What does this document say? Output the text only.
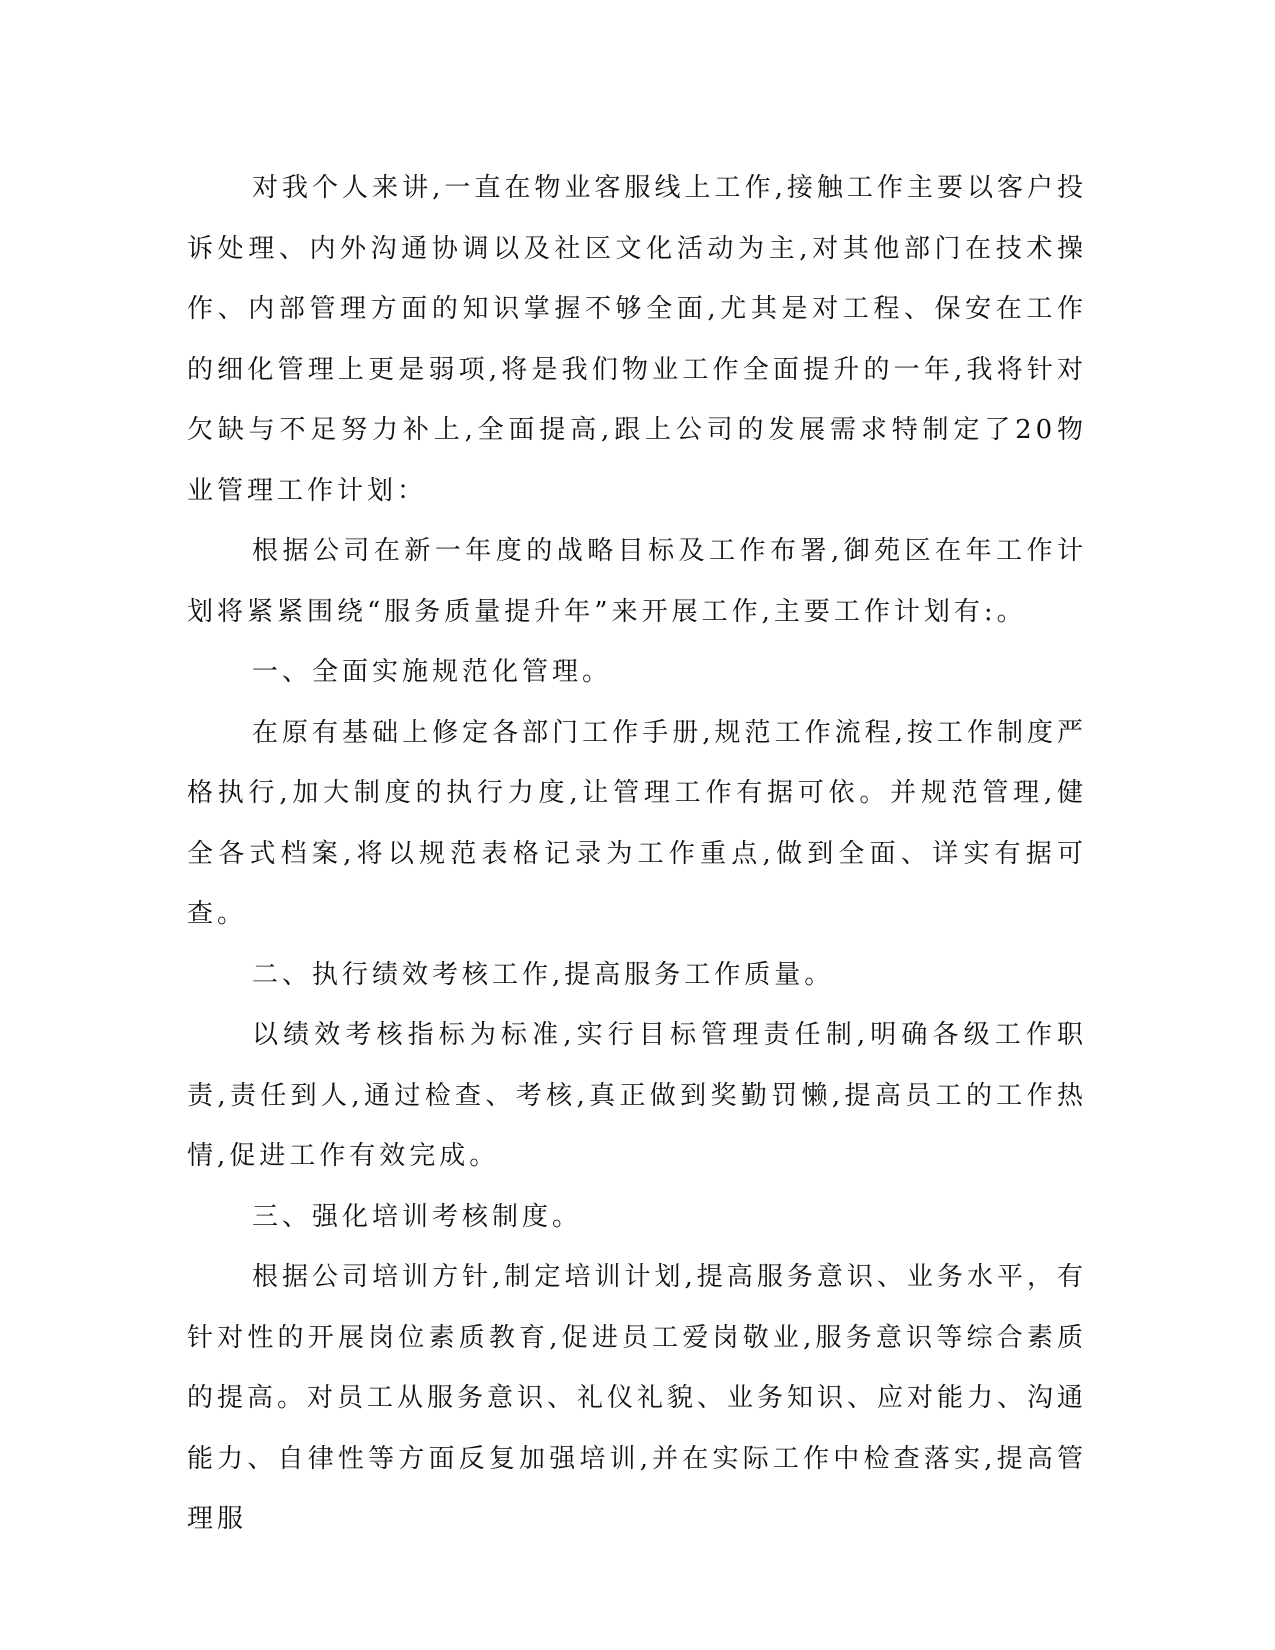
对我个人来讲,一直在物业客服线上工作,接触工作主要以客户投诉处理、内外沟通协调以及社区文化活动为主,对其他部门在技术操作、内部管理方面的知识掌握不够全面,尤其是对工程、保安在工作的细化管理上更是弱项,将是我们物业工作全面提升的一年,我将针对欠缺与不足努力补上,全面提高,跟上公司的发展需求特制定了20物业管理工作计划：

根据公司在新一年度的战略目标及工作布署,御苑区在年工作计划将紧紧围绕“服务质量提升年”来开展工作,主要工作计划有:。

一、全面实施规范化管理。

在原有基础上修定各部门工作手册,规范工作流程,按工作制度严格执行,加大制度的执行力度,让管理工作有据可依。并规范管理,健全各式档案,将以规范表格记录为工作重点,做到全面、详实有据可查。

二、执行绩效考核工作,提高服务工作质量。

以绩效考核指标为标准,实行目标管理责任制,明确各级工作职责,责任到人,通过检查、考核,真正做到奖勤罚懒,提高员工的工作热情,促进工作有效完成。

三、强化培训考核制度。

根据公司培训方针,制定培训计划,提高服务意识、业务水平，有针对性的开展岗位素质教育,促进员工爱岗敬业,服务意识等综合素质的提高。对员工从服务意识、礼仪礼貌、业务知识、应对能力、沟通能力、自律性等方面反复加强培训,并在实际工作中检查落实,提高管理服
